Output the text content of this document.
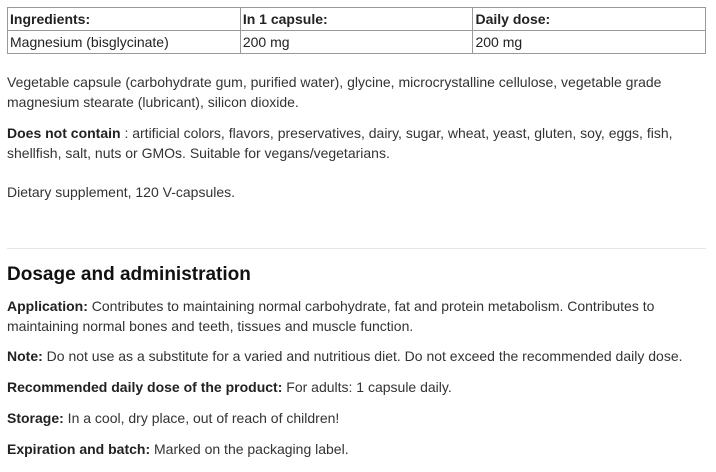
Ingredients:	In 1 capsule:	Daily dose:
Magnesium (bisglycinate)	200 mg	200 mg

Vegetable capsule (carbohydrate gum, purified water), glycine, microcrystalline cellulose, vegetable grade magnesium stearate (lubricant), silicon dioxide.

Does not contain : artificial colors, flavors, preservatives, dairy, sugar, wheat, yeast, gluten, soy, eggs, fish, shellfish, salt, nuts or GMOs. Suitable for vegans/vegetarians.

Dietary supplement, 120 V-capsules.

Dosage and administration

Application: Contributes to maintaining normal carbohydrate, fat and protein metabolism. Contributes to maintaining normal bones and teeth, tissues and muscle function.

Note: Do not use as a substitute for a varied and nutritious diet. Do not exceed the recommended daily dose.

Recommended daily dose of the product: For adults: 1 capsule daily.

Storage: In a cool, dry place, out of reach of children!

Expiration and batch: Marked on the packaging label.
